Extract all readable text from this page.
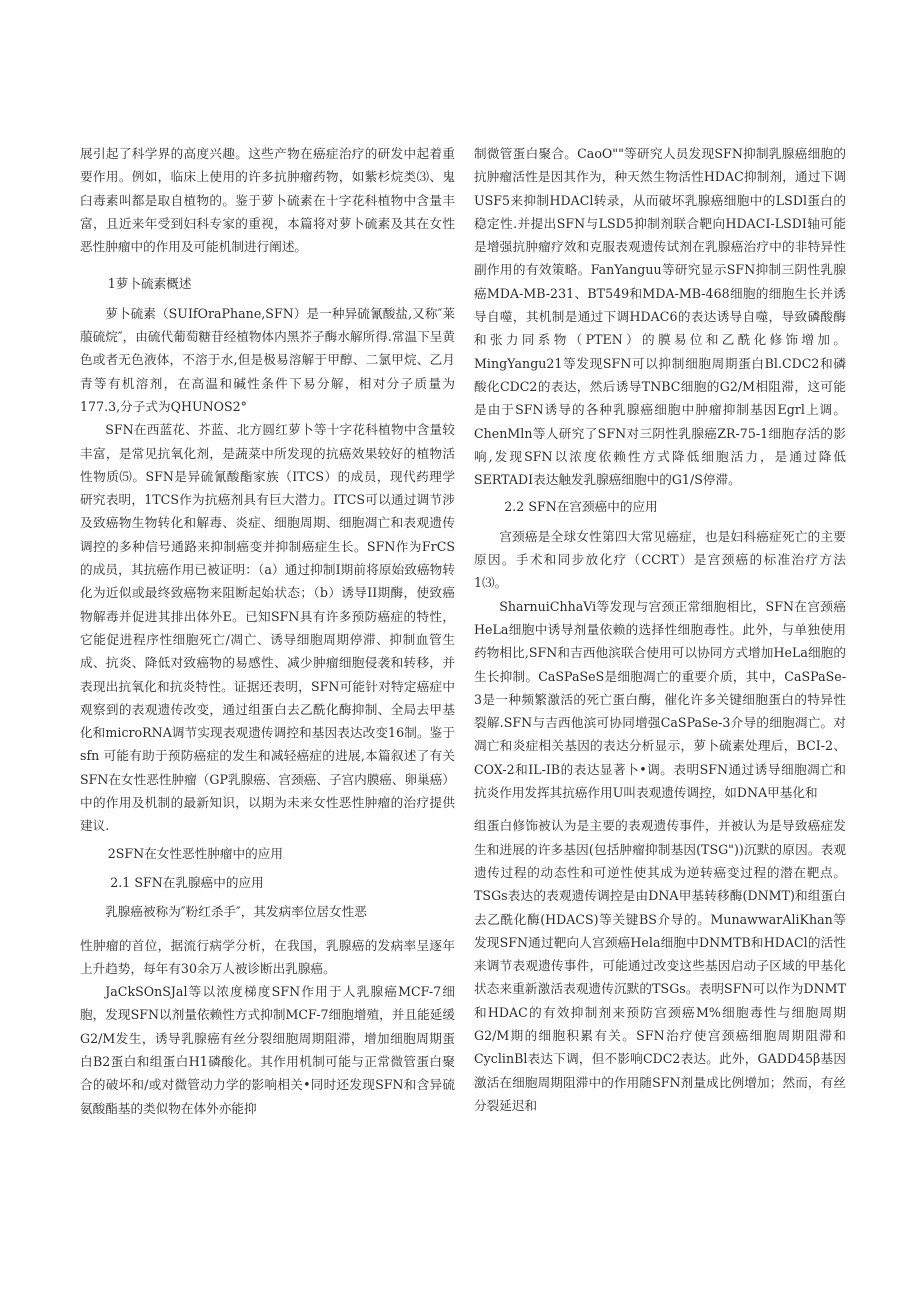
展引起了科学界的高度兴趣。这些产物在癌症治疗的研发中起着重要作用。例如，临床上使用的许多抗肿瘤药物，如紫杉烷类⑶、鬼臼毒素叫都是取自植物的。鉴于萝卜硫素在十字花科植物中含量丰富，且近来年受到妇科专家的重视，本篇将对萝卜硫素及其在女性恶性肿瘤中的作用及可能机制进行阐述。

1萝卜硫素概述

萝卜硫素（SUIfOraPhane,SFN）是一种异硫氰酸盐,又称″莱菔硫烷″，由硫代葡萄糖苷经植物体内黑芥子酶水解所得.常温下呈黄色或者无色液体，不溶于水,但是极易溶解于甲醇、二氯甲烷、乙月青等有机溶剂，在高温和碱性条件下易分解，相对分子质量为177.3,分子式为QHUNOS2°

SFN在西蓝花、芥蓝、北方圆红萝卜等十字花科植物中含量较丰富，是常见抗氧化剂，是蔬菜中所发现的抗癌效果较好的植物活性物质⑸。SFN是异硫氰酸酯家族（ITCS）的成员，现代药理学研究表明，1TCS作为抗癌剂具有巨大潜力。ITCS可以通过调节涉及致癌物生物转化和解毒、炎症、细胞周期、细胞凋亡和表观遗传调控的多种信号通路来抑制癌变并抑制癌症生长。SFN作为FrCS的成员，其抗癌作用已被证明：（a）通过抑制I期前将原始致癌物转化为近似或最终致癌物来阻断起始状态；（b）诱导II期酶，使致癌物解毒并促进其排出体外E。已知SFN具有许多预防癌症的特性，它能促进程序性细胞死亡/凋亡、诱导细胞周期停滞、抑制血管生成、抗炎、降低对致癌物的易感性、减少肿瘤细胞侵袭和转移，并表现出抗氧化和抗炎特性。证据还表明，SFN可能针对特定癌症中观察到的表观遗传改变，通过组蛋白去乙酰化酶抑制、全局去甲基化和microRNA调节实现表观遗传调控和基因表达改变16制。鉴于 sfn 可能有助于预防癌症的发生和减轻癌症的进展,本篇叙述了有关SFN在女性恶性肿瘤（GP乳腺癌、宫颈癌、子宫内膜癌、卵巢癌）中的作用及机制的最新知识，以期为未来女性恶性肿瘤的治疗提供建议.

2SFN在女性恶性肿瘤中的应用
2.1 SFN在乳腺癌中的应用

乳腺癌被称为″粉红杀手″，其发病率位居女性恶

性肿瘤的首位，据流行病学分析，在我国，乳腺癌的发病率呈逐年上升趋势，每年有30余万人被诊断出乳腺癌。

JaCkSOnSJal等以浓度梯度SFN作用于人乳腺癌MCF-7细胞，发现SFN以剂量依赖性方式抑制MCF-7细胞增殖，并且能延缓G2/M发生，诱导乳腺癌有丝分裂细胞周期阻滞，增加细胞周期蛋白B2蛋白和组蛋白H1磷酸化。其作用机制可能与正常微管蛋白聚合的破坏和/或对微管动力学的影响相关•同时还发现SFN和含异硫氨酸酯基的类似物在体外亦能抑

制微管蛋白聚合。CaoO""等研究人员发现SFN抑制乳腺癌细胞的抗肿瘤活性是因其作为，种天然生物活性HDAC抑制剂，通过下调USF5来抑制HDACl转录，从而破坏乳腺癌细胞中的LSDl蛋白的稳定性.并提出SFN与LSD5抑制剂联合靶向HDACI-LSDI轴可能是增强抗肿瘤疗效和克服表观遗传试剂在乳腺癌治疗中的非特异性副作用的有效策略。FanYanguu等研究显示SFN抑制三阴性乳腺癌MDA-MB-231、BT549和MDA-MB-468细胞的细胞生长并诱导自噬，其机制是通过下调HDAC6的表达诱导自噬，导致磷酸酶和张力同系物（PTEN）的膜易位和乙酰化修饰增加。MingYangu21等发现SFN可以抑制细胞周期蛋白Bl.CDC2和磷酸化CDC2的表达，然后诱导TNBC细胞的G2/M相阻滞，这可能是由于SFN诱导的各种乳腺癌细胞中肿瘤抑制基因Egrl上调。ChenMln等人研究了SFN对三阴性乳腺癌ZR-75-1细胞存活的影响,发现SFN以浓度依赖性方式降低细胞活力，是通过降低SERTADI表达触发乳腺癌细胞中的G1/S停滞。

2.2 SFN在宫颈癌中的应用

宫颈癌是全球女性第四大常见癌症，也是妇科癌症死亡的主要原因。手术和同步放化疗（CCRT）是宫颈癌的标准治疗方法1⑶。

SharnuiChhaVi等发现与宫颈正常细胞相比，SFN在宫颈癌HeLa细胞中诱导剂量依赖的选择性细胞毒性。此外，与单独使用药物相比,SFN和吉西他滨联合使用可以协同方式增加HeLa细胞的生长抑制。CaSPaSeS是细胞凋亡的重要介质，其中，CaSPaSe-3是一种频繁激活的死亡蛋白酶，催化许多关键细胞蛋白的特异性裂解.SFN与吉西他滨可协同增强CaSPaSe-3介导的细胞凋亡。对凋亡和炎症相关基因的表达分析显示，萝卜硫素处理后，BCI-2、COX-2和IL-IB的表达显著卜•调。表明SFN通过诱导细胞凋亡和抗炎作用发挥其抗癌作用U叫表观遗传调控，如DNA甲基化和

组蛋白修饰被认为是主要的表观遗传事件，并被认为是导致癌症发生和进展的许多基因(包括肿瘤抑制基因(TSG"))沉默的原因。表观遗传过程的动态性和可逆性使其成为逆转癌变过程的潜在靶点。TSGs表达的表观遗传调控是由DNA甲基转移酶(DNMT)和组蛋白去乙酰化酶(HDACS)等关键BS介导的。MunawwarAliKhan等发现SFN通过靶向人宫颈癌Hela细胞中DNMTB和HDACl的活性来调节表观遗传事件，可能通过改变这些基因启动子区域的甲基化状态来重新激活表观遗传沉默的TSGs。表明SFN可以作为DNMT和HDAC的有效抑制剂来预防宫颈癌M%细胞毒性与细胞周期G2/M期的细胞积累有关。SFN治疗使宫颈癌细胞周期阻滞和CyclinBl表达下调，但不影响CDC2表达。此外，GADD45β基因激活在细胞周期阻滞中的作用随SFN剂量成比例增加；然而，有丝分裂延迟和
